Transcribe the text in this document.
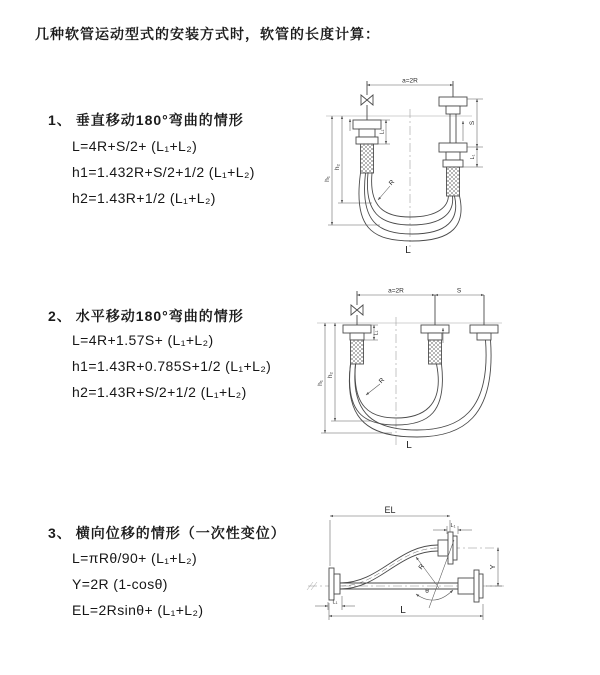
几种软管运动型式的安装方式时，软管的长度计算：
1、 垂直移动180°弯曲的情形
L=4R+S/2+ (L₁+L₂)
h1=1.432R+S/2+1/2 (L₁+L₂)
h2=1.43R+1/2 (L₁+L₂)
2、 水平移动180°弯曲的情形
L=4R+1.57S+ (L₁+L₂)
h1=1.43R+0.785S+1/2 (L₁+L₂)
h2=1.43R+S/2+1/2 (L₁+L₂)
3、 横向位移的情形（一次性变位）
L=πRθ/90+ (L₁+L₂)
Y=2R (1-cosθ)
EL=2Rsinθ+ (L₁+L₂)
a=2R
h₁
h₂
L₁
S
L₁
R
L
a=2R	S
h₁
h₂
L₁
R
L
θ
R
EL
L₁
Y
L₁
L
